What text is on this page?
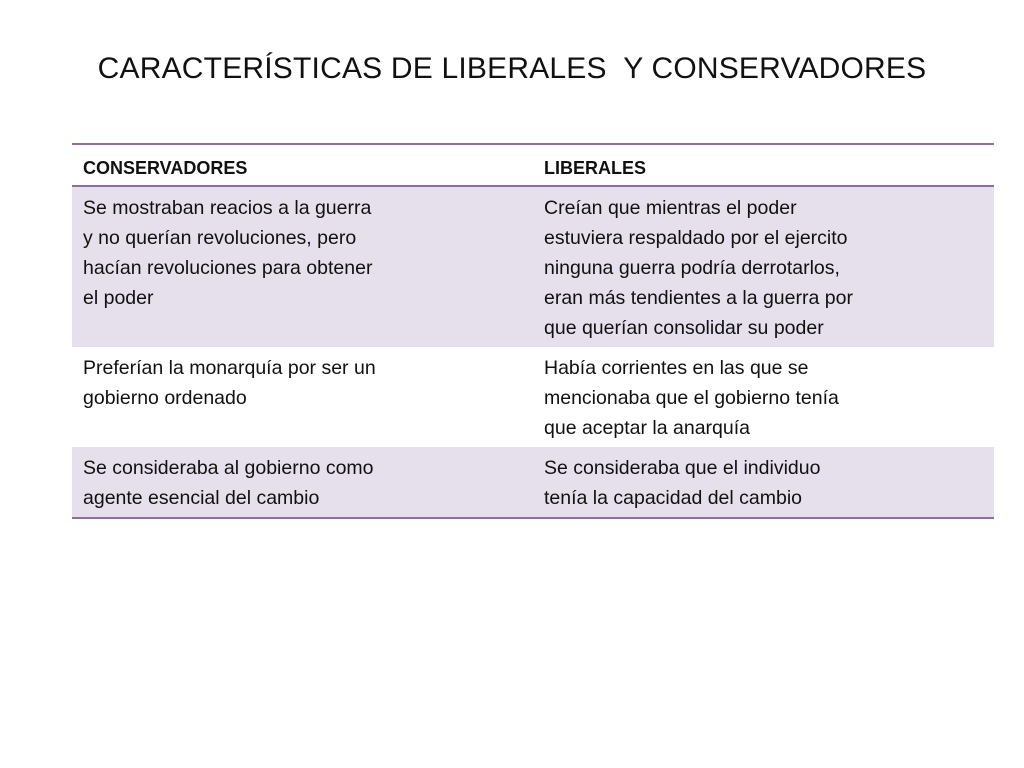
CARACTERÍSTICAS DE LIBERALES  Y CONSERVADORES
CONSERVADORES	LIBERALES

Se mostraban reacios a la guerra
y no querían revoluciones, pero
hacían revoluciones para obtener
el poder	Creían que mientras el poder
estuviera respaldado por el ejercito
ninguna guerra podría derrotarlos,
eran más tendientes a la guerra por
que querían consolidar su poder

Preferían la monarquía por ser un
gobierno ordenado	Había corrientes en las que se
mencionaba que el gobierno tenía
que aceptar la anarquía

Se consideraba al gobierno como
agente esencial del cambio	Se consideraba que el individuo
tenía la capacidad del cambio
